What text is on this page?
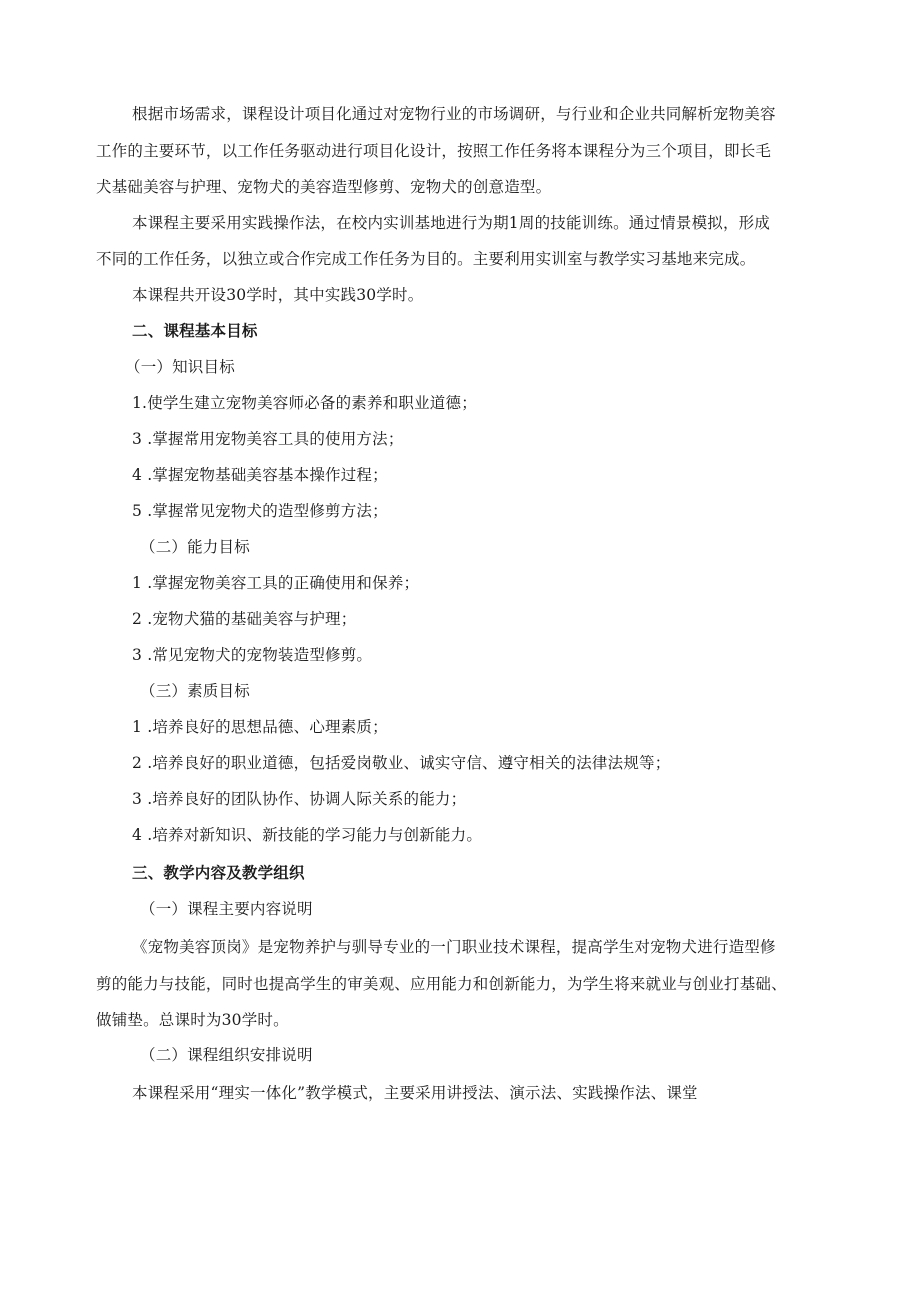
根据市场需求，课程设计项目化通过对宠物行业的市场调研，与行业和企业共同解析宠物美容
工作的主要环节，以工作任务驱动进行项目化设计，按照工作任务将本课程分为三个项目，即长毛
犬基础美容与护理、宠物犬的美容造型修剪、宠物犬的创意造型。
本课程主要采用实践操作法，在校内实训基地进行为期1周的技能训练。通过情景模拟，形成
不同的工作任务，以独立或合作完成工作任务为目的。主要利用实训室与教学实习基地来完成。
本课程共开设30学时，其中实践30学时。
二、课程基本目标
（一）知识目标
1.使学生建立宠物美容师必备的素养和职业道德；
3 .掌握常用宠物美容工具的使用方法；
4 .掌握宠物基础美容基本操作过程；
5 .掌握常见宠物犬的造型修剪方法；
（二）能力目标
1 .掌握宠物美容工具的正确使用和保养；
2 .宠物犬猫的基础美容与护理；
3 .常见宠物犬的宠物装造型修剪。
（三）素质目标
1 .培养良好的思想品德、心理素质；
2 .培养良好的职业道德，包括爱岗敬业、诚实守信、遵守相关的法律法规等；
3 .培养良好的团队协作、协调人际关系的能力；
4 .培养对新知识、新技能的学习能力与创新能力。
三、教学内容及教学组织
（一）课程主要内容说明
《宠物美容顶岗》是宠物养护与驯导专业的一门职业技术课程，提高学生对宠物犬进行造型修
剪的能力与技能，同时也提高学生的审美观、应用能力和创新能力，为学生将来就业与创业打基础、
做铺垫。总课时为30学时。
（二）课程组织安排说明
本课程采用“理实一体化”教学模式，主要采用讲授法、演示法、实践操作法、课堂
